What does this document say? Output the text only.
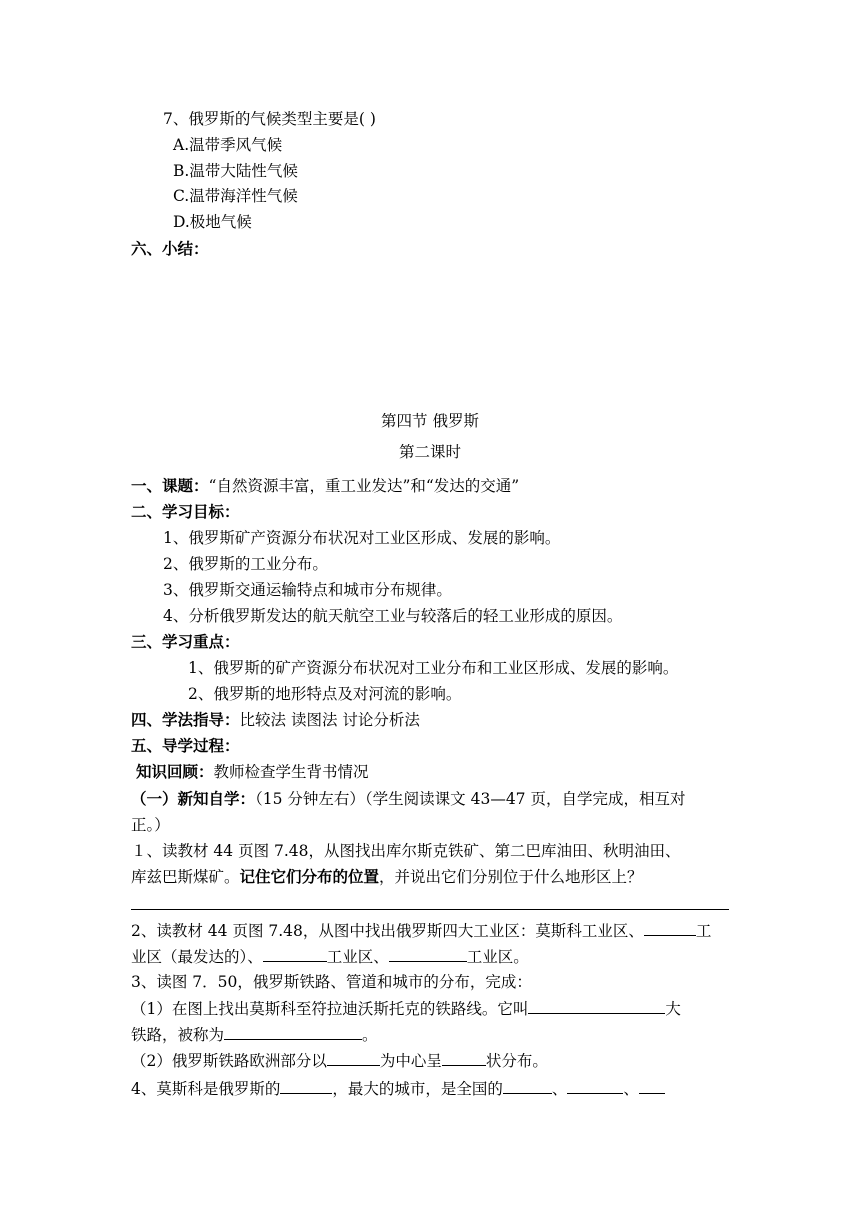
7、俄罗斯的气候类型主要是( )
A.温带季风气候
B.温带大陆性气候
C.温带海洋性气候
D.极地气候
六、小结：
第四节 俄罗斯
第二课时
一、课题：“自然资源丰富，重工业发达”和“发达的交通”
二、学习目标：
1、俄罗斯矿产资源分布状况对工业区形成、发展的影响。
2、俄罗斯的工业分布。
3、俄罗斯交通运输特点和城市分布规律。
4、分析俄罗斯发达的航天航空工业与较落后的轻工业形成的原因。
三、学习重点：
1、俄罗斯的矿产资源分布状况对工业分布和工业区形成、发展的影响。
2、俄罗斯的地形特点及对河流的影响。
四、学法指导：比较法 读图法 讨论分析法
五、导学过程：
知识回顾：教师检查学生背书情况
（一）新知自学：（15 分钟左右）（学生阅读课文 43—47 页，自学完成，相互对
正。）
１、读教材 44 页图 7.48，从图找出库尔斯克铁矿、第二巴库油田、秋明油田、
库兹巴斯煤矿。记住它们分布的位置，并说出它们分别位于什么地形区上？
2、读教材 44 页图 7.48，从图中找出俄罗斯四大工业区：莫斯科工业区、	工
业区（最发达的）、	工业区、	工业区。
3、读图 7．50，俄罗斯铁路、管道和城市的分布，完成：
（1）在图上找出莫斯科至符拉迪沃斯托克的铁路线。它叫	大
铁路，被称为	。
（2）俄罗斯铁路欧洲部分以	为中心呈	状分布。
4、莫斯科是俄罗斯的	，最大的城市，是全国的	、	、
